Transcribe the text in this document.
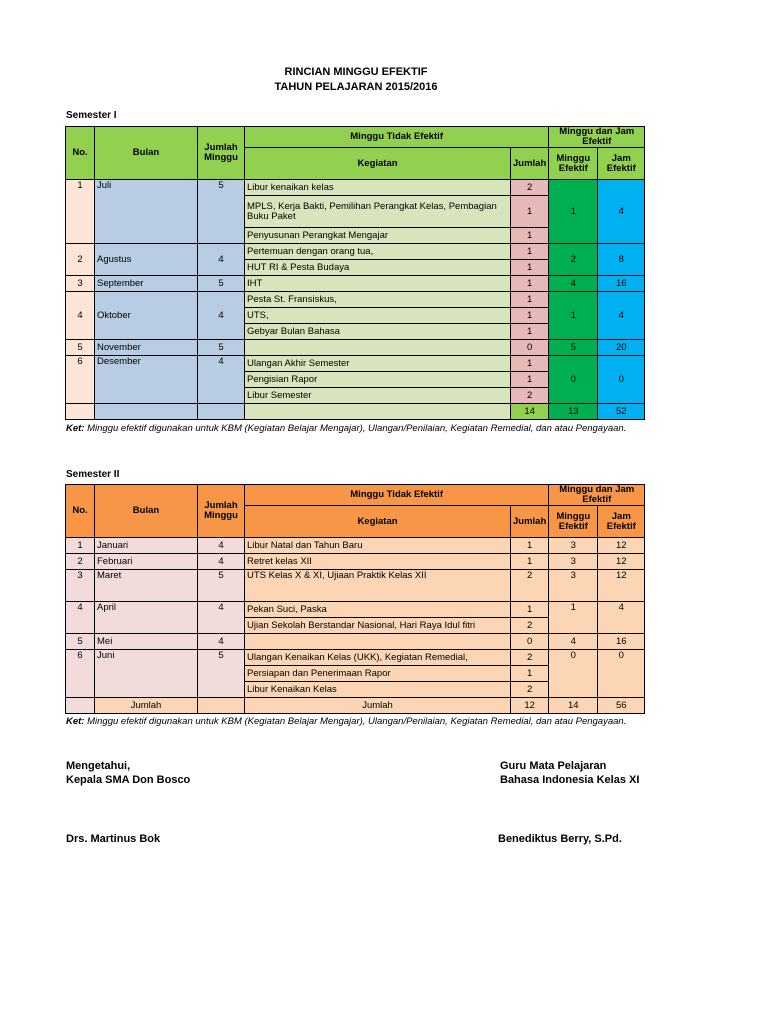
RINCIAN MINGGU EFEKTIF
TAHUN PELAJARAN 2015/2016
Semester I
No.	Bulan	Jumlah Minggu	Minggu Tidak Efektif		Minggu dan Jam Efektif	
			Kegiatan	Jumlah	Minggu Efektif	Jam Efektif
1	Juli	5	Libur kenaikan kelas	2	1	4
			MPLS, Kerja Bakti, Pemilihan Perangkat Kelas, Pembagian Buku Paket	1		
			Penyusunan Perangkat Mengajar	1		
2	Agustus	4	Pertemuan dengan orang tua,	1	2	8
			HUT RI & Pesta Budaya	1		
3	September	5	IHT	1	4	16
4	Oktober	4	Pesta St. Fransiskus,	1	1	4
			UTS,	1		
			Gebyar Bulan Bahasa	1		
5	November	5		0	5	20
6	Desember	4	Ulangan Akhir Semester	1	0	0
			Pengisian Rapor	1		
			Libur Semester	2		
				14	13	52
Ket: Minggu efektif digunakan untuk KBM (Kegiatan Belajar Mengajar), Ulangan/Penilaian, Kegiatan Remedial, dan atau Pengayaan.
Semester II
No.	Bulan	Jumlah Minggu	Minggu Tidak Efektif		Minggu dan Jam Efektif	
			Kegiatan	Jumlah	Minggu Efektif	Jam Efektif
1	Januari	4	Libur Natal dan Tahun Baru	1	3	12
2	Februari	4	Retret kelas XII	1	3	12
3	Maret	5	UTS Kelas X & XI, Ujiaan Praktik Kelas XII	2	3	12
4	April	4	Pekan Suci, Paska	1	1	4
			Ujian Sekolah Berstandar Nasional, Hari Raya Idul fitri	2		
5	Mei	4		0	4	16
6	Juni	5	Ulangan Kenaikan Kelas (UKK), Kegiatan Remedial,	2	0	0
			Persiapan dan Penerimaan Rapor	1		
			Libur Kenaikan Kelas	2		
	Jumlah		Jumlah	12	14	56
Ket: Minggu efektif digunakan untuk KBM (Kegiatan Belajar Mengajar), Ulangan/Penilaian, Kegiatan Remedial, dan atau Pengayaan.
Mengetahui,
Kepala SMA Don Bosco
Drs. Martinus Bok
Guru Mata Pelajaran
Bahasa Indonesia Kelas XI
Benediktus Berry, S.Pd.
